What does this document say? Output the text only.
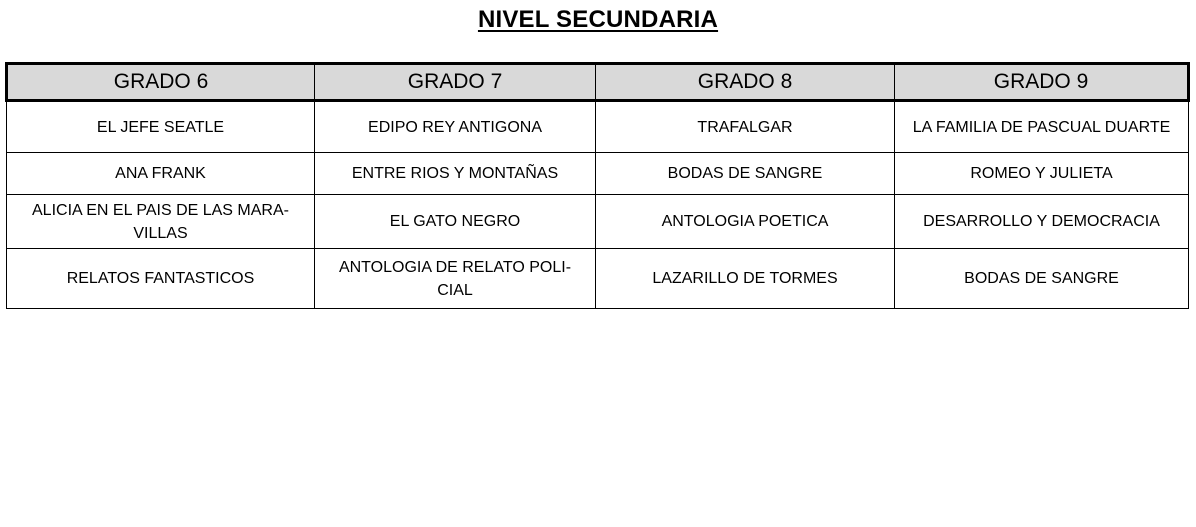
NIVEL SECUNDARIA
GRADO 6	GRADO 7	GRADO 8	GRADO 9
EL JEFE SEATLE	EDIPO REY ANTIGONA	TRAFALGAR	LA FAMILIA DE PASCUAL DUARTE
ANA FRANK	ENTRE RIOS Y MONTAÑAS	BODAS DE SANGRE	ROMEO Y JULIETA
ALICIA EN EL PAIS DE LAS MARA- VILLAS	EL GATO NEGRO	ANTOLOGIA POETICA	DESARROLLO Y DEMOCRACIA
RELATOS FANTASTICOS	ANTOLOGIA DE RELATO POLI- CIAL	LAZARILLO DE TORMES	BODAS DE SANGRE
